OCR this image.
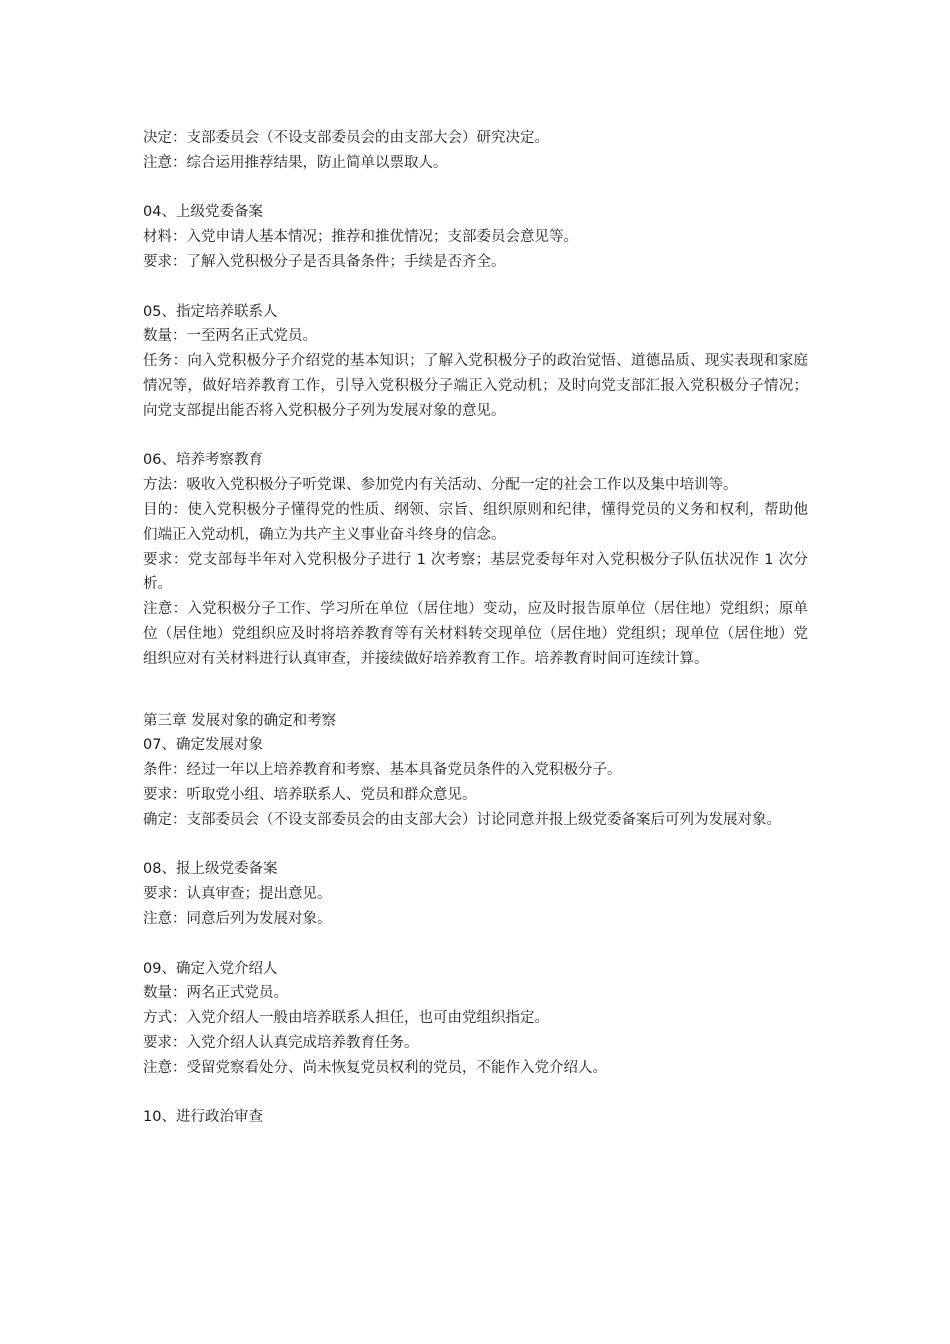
决定：支部委员会（不设支部委员会的由支部大会）研究决定。
注意：综合运用推荐结果，防止简单以票取人。
04、上级党委备案
材料：入党申请人基本情况；推荐和推优情况；支部委员会意见等。
要求：了解入党积极分子是否具备条件；手续是否齐全。
05、指定培养联系人
数量：一至两名正式党员。
任务：向入党积极分子介绍党的基本知识；了解入党积极分子的政治觉悟、道德品质、现实表现和家庭情况等，做好培养教育工作，引导入党积极分子端正入党动机；及时向党支部汇报入党积极分子情况；向党支部提出能否将入党积极分子列为发展对象的意见。
06、培养考察教育
方法：吸收入党积极分子听党课、参加党内有关活动、分配一定的社会工作以及集中培训等。
目的：使入党积极分子懂得党的性质、纲领、宗旨、组织原则和纪律，懂得党员的义务和权利，帮助他们端正入党动机，确立为共产主义事业奋斗终身的信念。
要求：党支部每半年对入党积极分子进行 1 次考察；基层党委每年对入党积极分子队伍状况作 1 次分析。
注意：入党积极分子工作、学习所在单位（居住地）变动，应及时报告原单位（居住地）党组织；原单位（居住地）党组织应及时将培养教育等有关材料转交现单位（居住地）党组织；现单位（居住地）党组织应对有关材料进行认真审查，并接续做好培养教育工作。培养教育时间可连续计算。
第三章 发展对象的确定和考察
07、确定发展对象
条件：经过一年以上培养教育和考察、基本具备党员条件的入党积极分子。
要求：听取党小组、培养联系人、党员和群众意见。
确定：支部委员会（不设支部委员会的由支部大会）讨论同意并报上级党委备案后可列为发展对象。
08、报上级党委备案
要求：认真审查；提出意见。
注意：同意后列为发展对象。
09、确定入党介绍人
数量：两名正式党员。
方式：入党介绍人一般由培养联系人担任，也可由党组织指定。
要求：入党介绍人认真完成培养教育任务。
注意：受留党察看处分、尚未恢复党员权利的党员，不能作入党介绍人。
10、进行政治审查
